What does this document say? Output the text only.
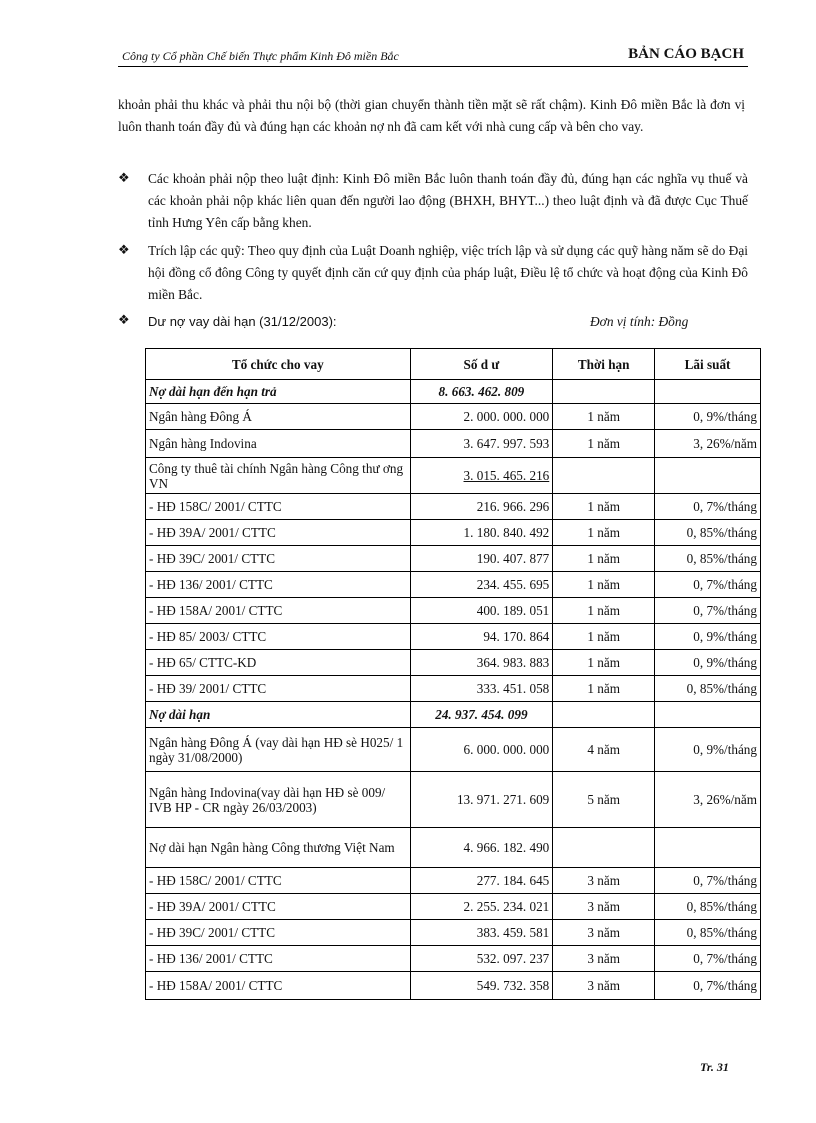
Công ty Cổ phần Chế biến Thực phẩm Kinh Đô miền Bắc	BẢN CÁO BẠCH
khoản phải thu khác và phải thu nội bộ (thời gian chuyển thành tiền mặt sẽ rất chậm). Kinh Đô miền Bắc là đơn vị luôn thanh toán đầy đủ và đúng hạn các khoản nợ nh đã cam kết với nhà cung cấp và bên cho vay.
❖ Các khoản phải nộp theo luật định: Kinh Đô miền Bắc luôn thanh toán đầy đủ, đúng hạn các nghĩa vụ thuế và các khoản phải nộp khác liên quan đến người lao động (BHXH, BHYT...) theo luật định và đã được Cục Thuế tỉnh Hưng Yên cấp bằng khen.
❖ Trích lập các quỹ: Theo quy định của Luật Doanh nghiệp, việc trích lập và sử dụng các quỹ hàng năm sẽ do Đại hội đồng cổ đông Công ty quyết định căn cứ quy định của pháp luật, Điều lệ tổ chức và hoạt động của Kinh Đô miền Bắc.
❖ Dư nợ vay dài hạn (31/12/2003):	Đơn vị tính: Đồng
Tổ chức cho vay	Số d ư	Thời hạn	Lãi suất
Nợ dài hạn đến hạn trả	8. 663. 462. 809		
Ngân hàng Đông Á	2. 000. 000. 000	1 năm	0, 9%/tháng
Ngân hàng Indovina	3. 647. 997. 593	1 năm	3, 26%/năm
Công ty thuê tài chính Ngân hàng Công thư ơng VN	3. 015. 465. 216		
- HĐ 158C/ 2001/ CTTC	216. 966. 296	1 năm	0, 7%/tháng
- HĐ 39A/ 2001/ CTTC	1. 180. 840. 492	1 năm	0, 85%/tháng
- HĐ 39C/ 2001/ CTTC	190. 407. 877	1 năm	0, 85%/tháng
- HĐ 136/ 2001/ CTTC	234. 455. 695	1 năm	0, 7%/tháng
- HĐ 158A/ 2001/ CTTC	400. 189. 051	1 năm	0, 7%/tháng
- HĐ 85/ 2003/ CTTC	94. 170. 864	1 năm	0, 9%/tháng
- HĐ 65/ CTTC-KD	364. 983. 883	1 năm	0, 9%/tháng
- HĐ 39/ 2001/ CTTC	333. 451. 058	1 năm	0, 85%/tháng
Nợ dài hạn	24. 937. 454. 099		
Ngân hàng Đông Á (vay dài hạn HĐ sè H025/ 1 ngày 31/08/2000)	6. 000. 000. 000	4 năm	0, 9%/tháng
Ngân hàng Indovina(vay dài hạn HĐ sè 009/ IVB HP - CR ngày 26/03/2003)	13. 971. 271. 609	5 năm	3, 26%/năm
Nợ dài hạn Ngân hàng Công thương Việt Nam	4. 966. 182. 490		
- HĐ 158C/ 2001/ CTTC	277. 184. 645	3 năm	0, 7%/tháng
- HĐ 39A/ 2001/ CTTC	2. 255. 234. 021	3 năm	0, 85%/tháng
- HĐ 39C/ 2001/ CTTC	383. 459. 581	3 năm	0, 85%/tháng
- HĐ 136/ 2001/ CTTC	532. 097. 237	3 năm	0, 7%/tháng
- HĐ 158A/ 2001/ CTTC	549. 732. 358	3 năm	0, 7%/tháng
Tr. 31
